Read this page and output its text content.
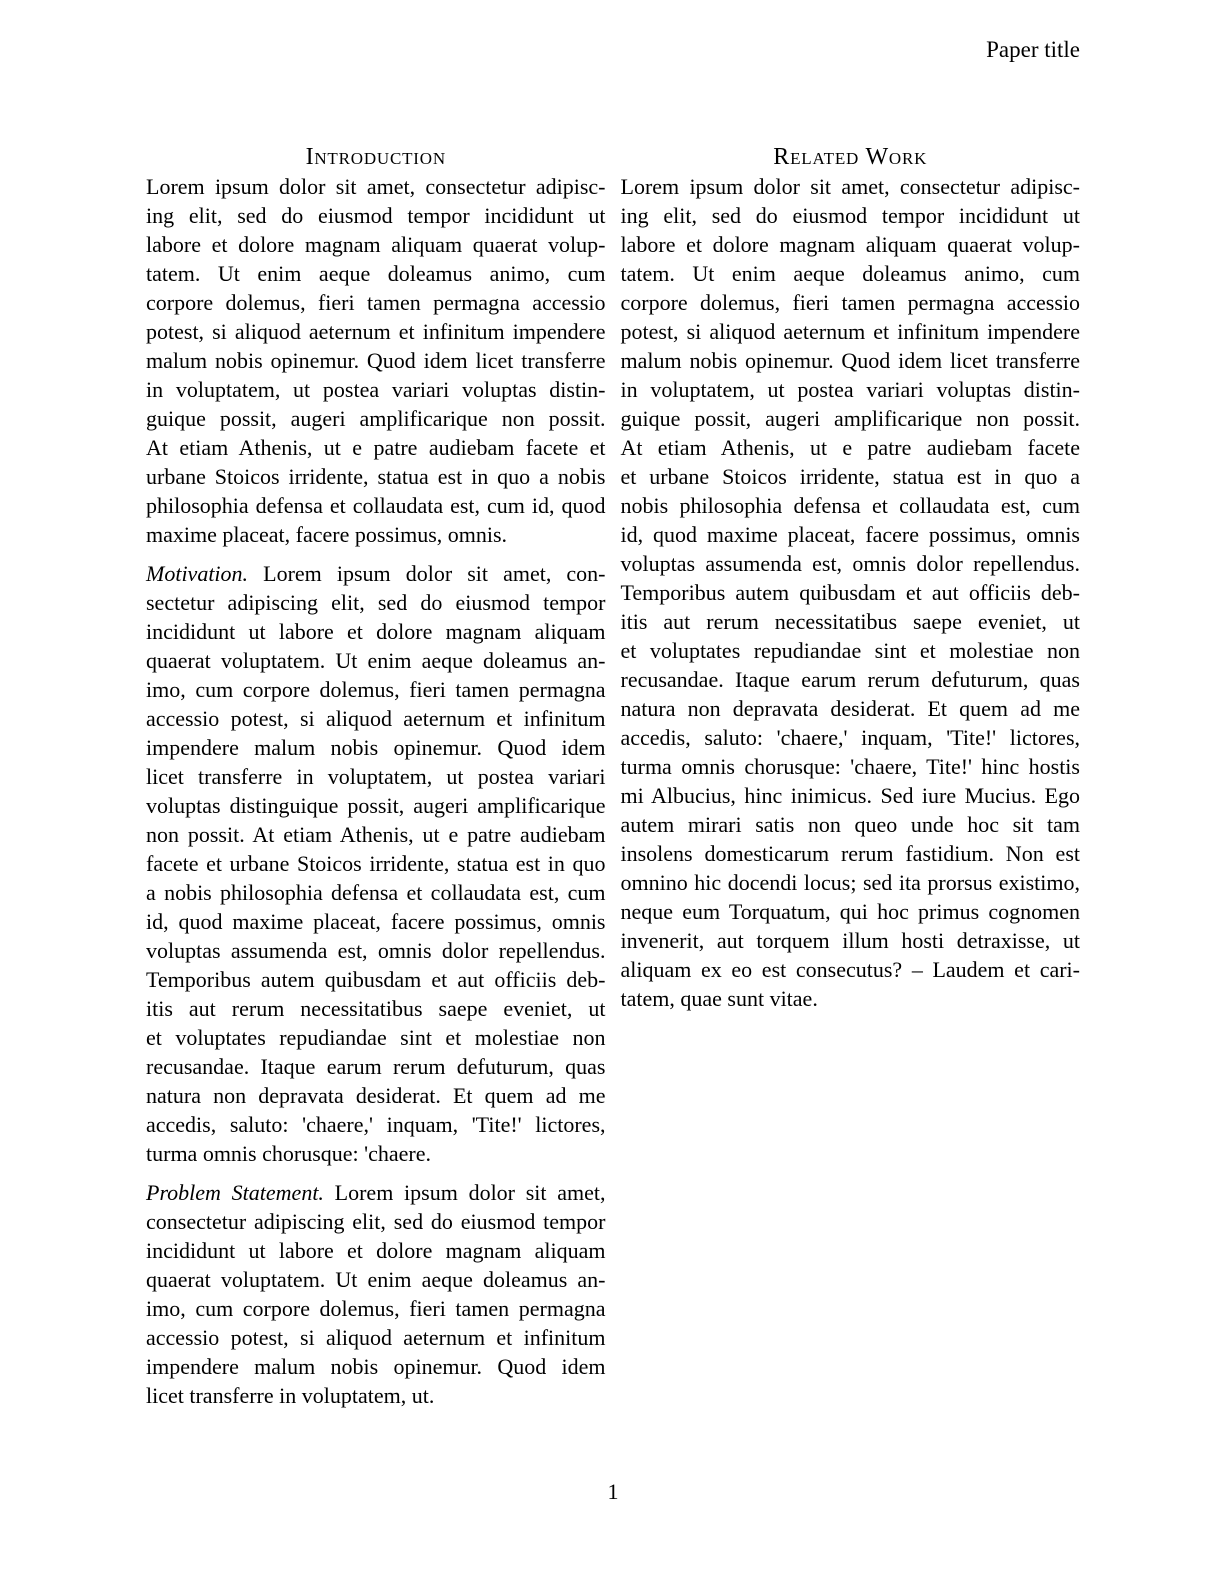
Paper title
Introduction
Lorem ipsum dolor sit amet, consectetur adipisc-
ing elit, sed do eiusmod tempor incididunt ut
labore et dolore magnam aliquam quaerat volup-
tatem. Ut enim aeque doleamus animo, cum
corpore dolemus, fieri tamen permagna accessio
potest, si aliquod aeternum et infinitum impendere
malum nobis opinemur. Quod idem licet transferre
in voluptatem, ut postea variari voluptas distin-
guique possit, augeri amplificarique non possit.
At etiam Athenis, ut e patre audiebam facete et
urbane Stoicos irridente, statua est in quo a nobis
philosophia defensa et collaudata est, cum id, quod
maxime placeat, facere possimus, omnis.
Motivation. Lorem ipsum dolor sit amet, con-
sectetur adipiscing elit, sed do eiusmod tempor
incididunt ut labore et dolore magnam aliquam
quaerat voluptatem. Ut enim aeque doleamus an-
imo, cum corpore dolemus, fieri tamen permagna
accessio potest, si aliquod aeternum et infinitum
impendere malum nobis opinemur. Quod idem
licet transferre in voluptatem, ut postea variari
voluptas distinguique possit, augeri amplificarique
non possit. At etiam Athenis, ut e patre audiebam
facete et urbane Stoicos irridente, statua est in quo
a nobis philosophia defensa et collaudata est, cum
id, quod maxime placeat, facere possimus, omnis
voluptas assumenda est, omnis dolor repellendus.
Temporibus autem quibusdam et aut officiis deb-
itis aut rerum necessitatibus saepe eveniet, ut
et voluptates repudiandae sint et molestiae non
recusandae. Itaque earum rerum defuturum, quas
natura non depravata desiderat. Et quem ad me
accedis, saluto: 'chaere,' inquam, 'Tite!' lictores,
turma omnis chorusque: 'chaere.
Problem Statement. Lorem ipsum dolor sit amet,
consectetur adipiscing elit, sed do eiusmod tempor
incididunt ut labore et dolore magnam aliquam
quaerat voluptatem. Ut enim aeque doleamus an-
imo, cum corpore dolemus, fieri tamen permagna
accessio potest, si aliquod aeternum et infinitum
impendere malum nobis opinemur. Quod idem
licet transferre in voluptatem, ut.
Related Work
Lorem ipsum dolor sit amet, consectetur adipisc-
ing elit, sed do eiusmod tempor incididunt ut
labore et dolore magnam aliquam quaerat volup-
tatem. Ut enim aeque doleamus animo, cum
corpore dolemus, fieri tamen permagna accessio
potest, si aliquod aeternum et infinitum impendere
malum nobis opinemur. Quod idem licet transferre
in voluptatem, ut postea variari voluptas distin-
guique possit, augeri amplificarique non possit.
At etiam Athenis, ut e patre audiebam facete
et urbane Stoicos irridente, statua est in quo a
nobis philosophia defensa et collaudata est, cum
id, quod maxime placeat, facere possimus, omnis
voluptas assumenda est, omnis dolor repellendus.
Temporibus autem quibusdam et aut officiis deb-
itis aut rerum necessitatibus saepe eveniet, ut
et voluptates repudiandae sint et molestiae non
recusandae. Itaque earum rerum defuturum, quas
natura non depravata desiderat. Et quem ad me
accedis, saluto: 'chaere,' inquam, 'Tite!' lictores,
turma omnis chorusque: 'chaere, Tite!' hinc hostis
mi Albucius, hinc inimicus. Sed iure Mucius. Ego
autem mirari satis non queo unde hoc sit tam
insolens domesticarum rerum fastidium. Non est
omnino hic docendi locus; sed ita prorsus existimo,
neque eum Torquatum, qui hoc primus cognomen
invenerit, aut torquem illum hosti detraxisse, ut
aliquam ex eo est consecutus? – Laudem et cari-
tatem, quae sunt vitae.
1
